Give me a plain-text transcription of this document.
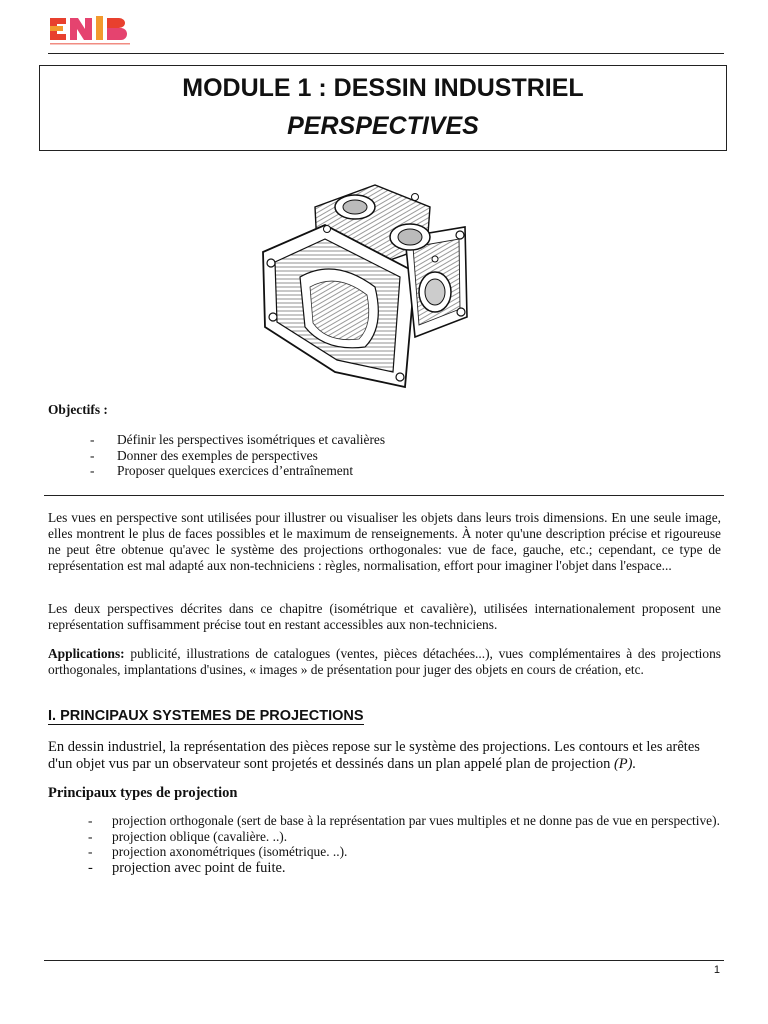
MODULE 1 : DESSIN INDUSTRIEL
PERSPECTIVES
Objectifs :
- Définir les perspectives isométriques et cavalières
- Donner des exemples de perspectives
- Proposer quelques exercices d’entraînement
Les vues en perspective sont utilisées pour illustrer ou visualiser les objets dans leurs trois dimensions. En une seule image, elles montrent le plus de faces possibles et le maximum de renseignements. À noter qu'une description précise et rigoureuse ne peut être obtenue qu'avec le système des projections orthogonales: vue de face, gauche, etc.; cependant, ce type de représentation est mal adapté aux non-techniciens : règles, normalisation, effort pour imaginer l'objet dans l'espace...
Les deux perspectives décrites dans ce chapitre (isométrique et cavalière), utilisées internationalement proposent une représentation suffisamment précise tout en restant accessibles aux non-techniciens.
Applications: publicité, illustrations de catalogues (ventes, pièces détachées...), vues complémentaires à des projections orthogonales, implantations d'usines, « images » de présentation pour juger des objets en cours de création, etc.
I. PRINCIPAUX SYSTEMES DE PROJECTIONS
En dessin industriel, la représentation des pièces repose sur le système des projections. Les contours et les arêtes d'un objet vus par un observateur sont projetés et dessinés dans un plan appelé plan de projection (P).
Principaux types de projection
- projection orthogonale (sert de base à la représentation par vues multiples et ne donne pas de vue en perspective).
- projection oblique (cavalière. ..).
- projection axonométriques (isométrique. ..).
- projection avec point de fuite.
1
